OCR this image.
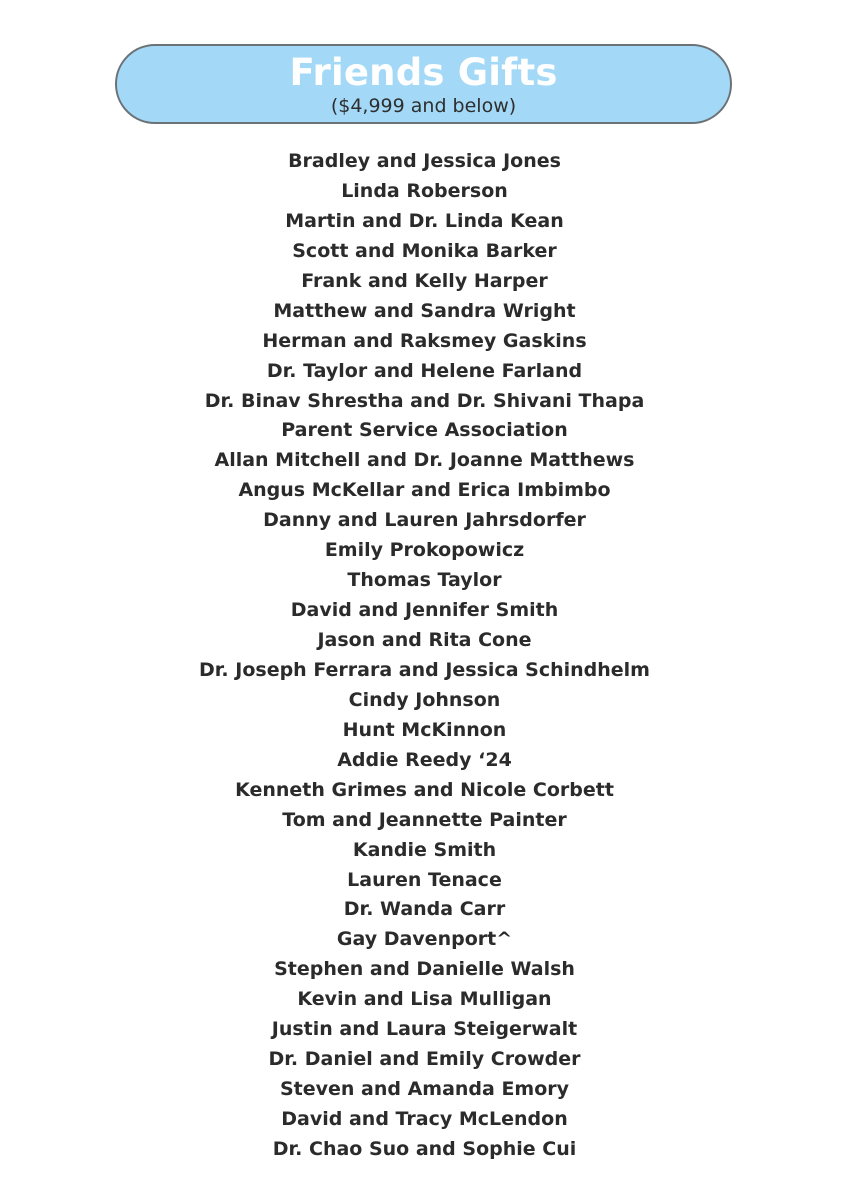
Friends Gifts
($4,999 and below)
Bradley and Jessica Jones
Linda Roberson
Martin and Dr. Linda Kean
Scott and Monika Barker
Frank and Kelly Harper
Matthew and Sandra Wright
Herman and Raksmey Gaskins
Dr. Taylor and Helene Farland
Dr. Binav Shrestha and Dr. Shivani Thapa
Parent Service Association
Allan Mitchell and Dr. Joanne Matthews
Angus McKellar and Erica Imbimbo
Danny and Lauren Jahrsdorfer
Emily Prokopowicz
Thomas Taylor
David and Jennifer Smith
Jason and Rita Cone
Dr. Joseph Ferrara and Jessica Schindhelm
Cindy Johnson
Hunt McKinnon
Addie Reedy ‘24
Kenneth Grimes and Nicole Corbett
Tom and Jeannette Painter
Kandie Smith
Lauren Tenace
Dr. Wanda Carr
Gay Davenport^
Stephen and Danielle Walsh
Kevin and Lisa Mulligan
Justin and Laura Steigerwalt
Dr. Daniel and Emily Crowder
Steven and Amanda Emory
David and Tracy McLendon
Dr. Chao Suo and Sophie Cui
